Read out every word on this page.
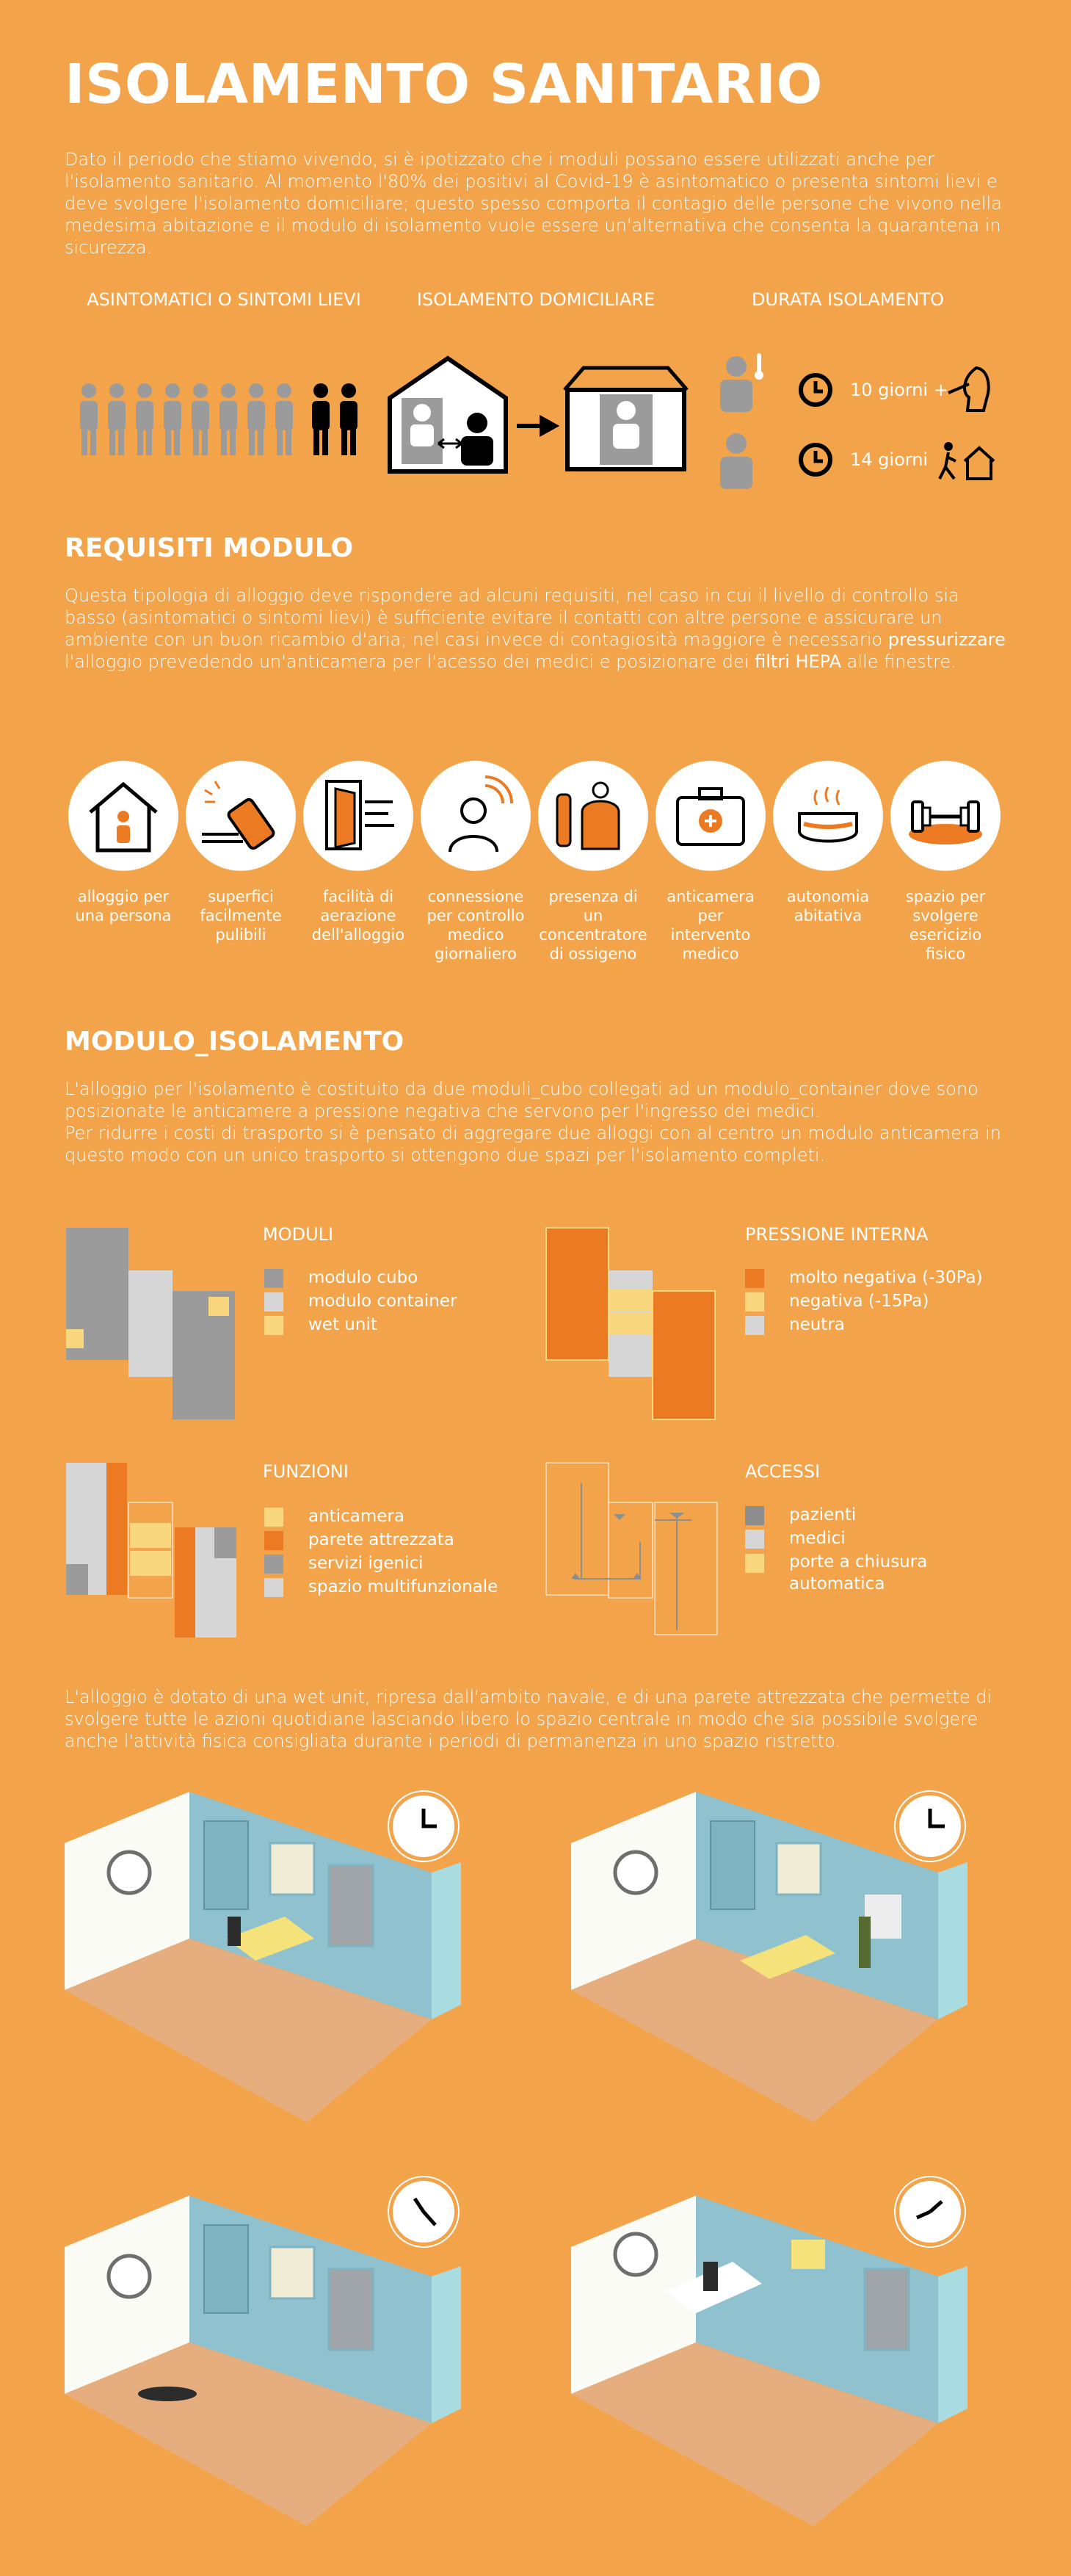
ISOLAMENTO SANITARIO

Dato il periodo che stiamo vivendo, si è ipotizzato che i moduli possano essere utilizzati anche per l'isolamento sanitario. Al momento l'80% dei positivi al Covid-19 è asintomatico o presenta sintomi lievi e deve svolgere l'isolamento domiciliare; questo spesso comporta il contagio delle persone che vivono nella medesima abitazione e il modulo di isolamento vuole essere un'alternativa che consenta la quarantena in sicurezza.

ASINTOMATICI O SINTOMI LIEVI	ISOLAMENTO DOMICILIARE	DURATA ISOLAMENTO
10 giorni +
14 giorni
REQUISITI MODULO

Questa tipologia di alloggio deve rispondere ad alcuni requisiti, nel caso in cui il livello di controllo sia basso (asintomatici o sintomi lievi) è sufficiente evitare il contatti con altre persone e assicurare un ambiente con un buon ricambio d'aria; nel casi invece di contagiosità maggiore è necessario pressurizzare l'alloggio prevedendo un'anticamera per l'acesso dei medici e posizionare dei filtri HEPA alle finestre.

alloggio per una persona
superfici facilmente pulibili
facilità di aerazione dell'alloggio
connessione per controllo medico giornaliero
presenza di un concentratore di ossigeno
anticamera per intervento medico
autonomia abitativa
spazio per svolgere esericizio fisico
MODULO_ISOLAMENTO

L'alloggio per l'isolamento è costituito da due moduli_cubo collegati ad un modulo_container dove sono posizionate le anticamere a pressione negativa che servono per l'ingresso dei medici.

Per ridurre i costi di trasporto si è pensato di aggregare due alloggi con al centro un modulo anticamera in questo modo con un unico trasporto si ottengono due spazi per l'isolamento completi.

MODULI
modulo cubo
modulo container
wet unit
PRESSIONE INTERNA
molto negativa (-30Pa)
negativa (-15Pa)
neutra
FUNZIONI
anticamera
parete attrezzata
servizi igenici
spazio multifunzionale
ACCESSI
pazienti
medici
porte a chiusura automatica

L'alloggio è dotato di una wet unit, ripresa dall'ambito navale, e di una parete attrezzata che permette di svolgere tutte le azioni quotidiane lasciando libero lo spazio centrale in modo che sia possibile svolgere anche l'attività fisica consigliata durante i periodi di permanenza in uno spazio ristretto.
